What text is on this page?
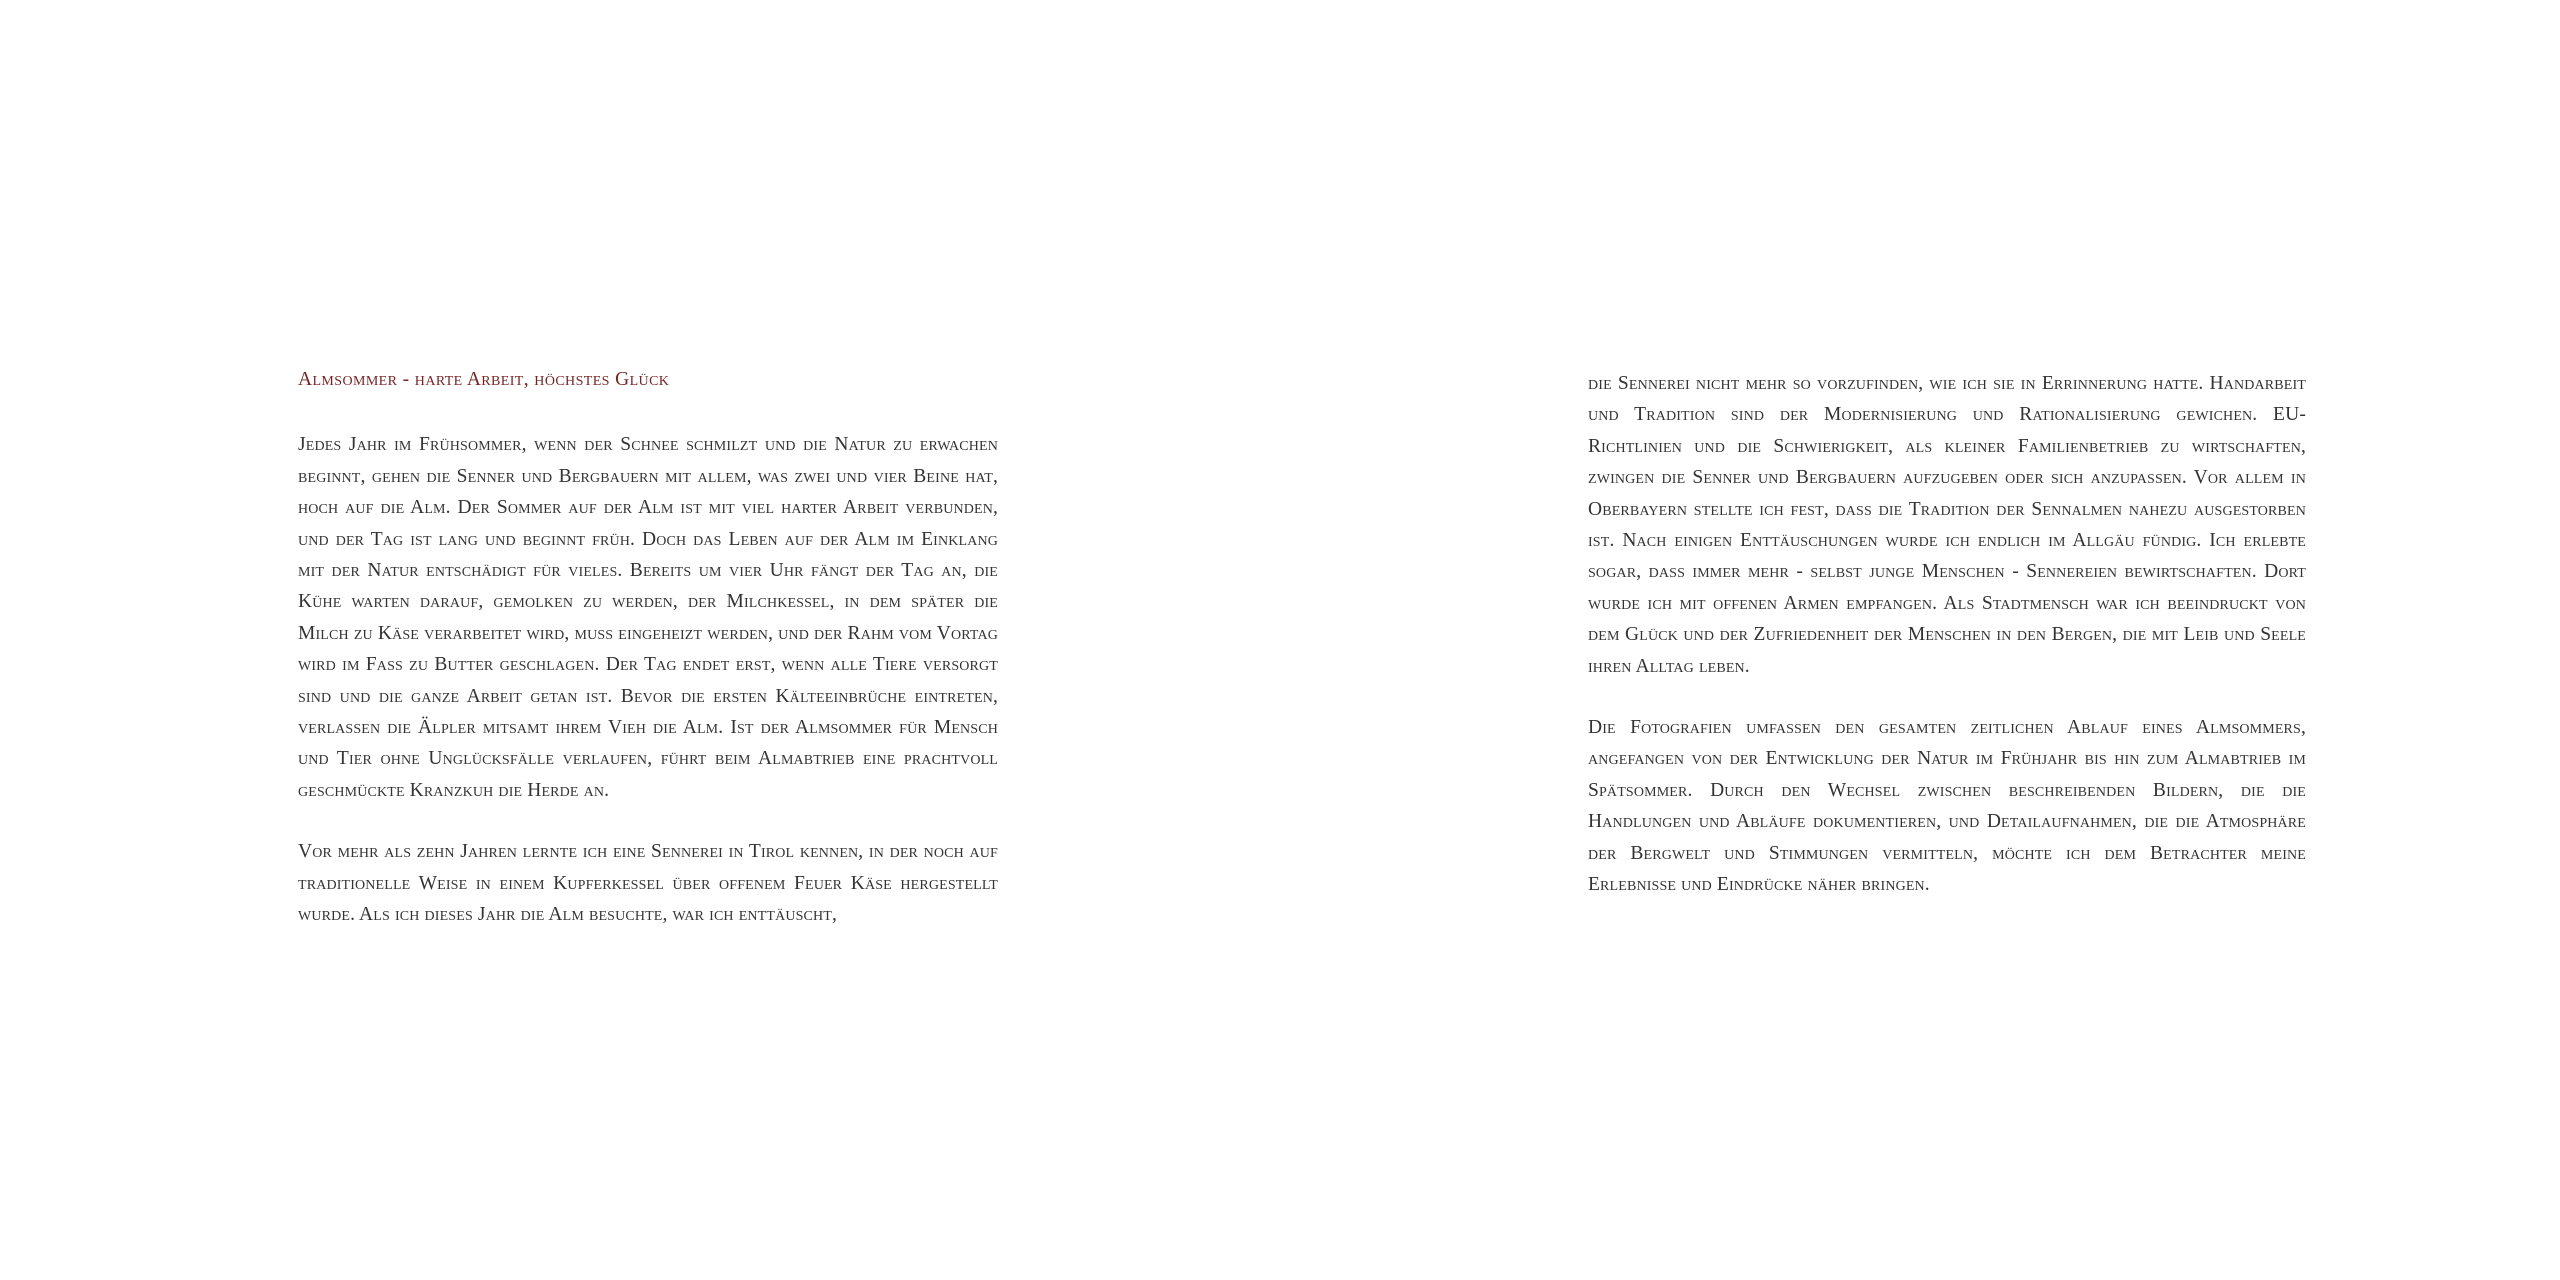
Almsommer - harte Arbeit, höchstes Glück

Jedes Jahr im Frühsommer, wenn der Schnee schmilzt und die Natur zu erwachen beginnt, gehen die Senner und Bergbauern mit allem, was zwei und vier Beine hat, hoch auf die Alm. Der Sommer auf der Alm ist mit viel harter Arbeit verbunden, und der Tag ist lang und beginnt früh. Doch das Leben auf der Alm im Einklang mit der Natur entschädigt für vieles. Bereits um vier Uhr fängt der Tag an, die Kühe warten darauf, gemolken zu werden, der Milchkessel, in dem später die Milch zu Käse verarbeitet wird, muss eingeheizt werden, und der Rahm vom Vortag wird im Fass zu Butter geschlagen. Der Tag endet erst, wenn alle Tiere versorgt sind und die ganze Arbeit getan ist. Bevor die ersten Kälteeinbrüche eintreten, verlassen die Älpler mitsamt ihrem Vieh die Alm. Ist der Almsommer für Mensch und Tier ohne Unglücksfälle verlaufen, führt beim Almabtrieb eine prachtvoll geschmückte Kranzkuh die Herde an.

Vor mehr als zehn Jahren lernte ich eine Sennerei in Tirol kennen, in der noch auf traditionelle Weise in einem Kupferkessel über offenem Feuer Käse hergestellt wurde. Als ich dieses Jahr die Alm besuchte, war ich enttäuscht,

die Sennerei nicht mehr so vorzufinden, wie ich sie in Errinnerung hatte. Handarbeit und Tradition sind der Modernisierung und Rationalisierung gewichen. EU-Richtlinien und die Schwierigkeit, als kleiner Familienbetrieb zu wirtschaften, zwingen die Senner und Bergbauern aufzugeben oder sich anzupassen. Vor allem in Oberbayern stellte ich fest, dass die Tradition der Sennalmen nahezu ausgestorben ist. Nach einigen Enttäuschungen wurde ich endlich im Allgäu fündig. Ich erlebte sogar, dass immer mehr - selbst junge Menschen - Sennereien bewirtschaften. Dort wurde ich mit offenen Armen empfangen. Als Stadtmensch war ich beeindruckt von dem Glück und der Zufriedenheit der Menschen in den Bergen, die mit Leib und Seele ihren Alltag leben.

Die Fotografien umfassen den gesamten zeitlichen Ablauf eines Almsommers, angefangen von der Entwicklung der Natur im Frühjahr bis hin zum Almabtrieb im Spätsommer. Durch den Wechsel zwischen beschreibenden Bildern, die die Handlungen und Abläufe dokumentieren, und Detailaufnahmen, die die Atmosphäre der Bergwelt und Stimmungen vermitteln, möchte ich dem Betrachter meine Erlebnisse und Eindrücke näher bringen.
